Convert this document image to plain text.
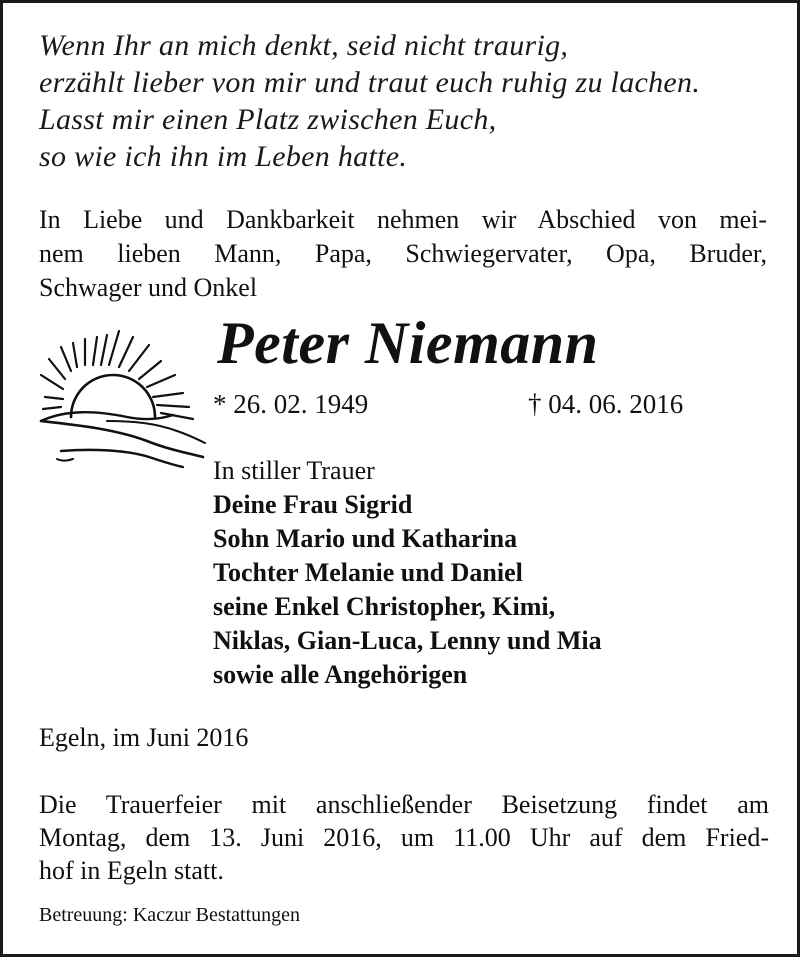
Wenn Ihr an mich denkt, seid nicht traurig,
erzählt lieber von mir und traut euch ruhig zu lachen.
Lasst mir einen Platz zwischen Euch,
so wie ich ihn im Leben hatte.
In Liebe und Dankbarkeit nehmen wir Abschied von mei-
nem lieben Mann, Papa, Schwiegervater, Opa, Bruder,
Schwager und Onkel
Peter Niemann
* 26. 02. 1949	† 04. 06. 2016
In stiller Trauer
Deine Frau Sigrid
Sohn Mario und Katharina
Tochter Melanie und Daniel
seine Enkel Christopher, Kimi,
Niklas, Gian-Luca, Lenny und Mia
sowie alle Angehörigen
Egeln, im Juni 2016
Die Trauerfeier mit anschließender Beisetzung findet am
Montag, dem 13. Juni 2016, um 11.00 Uhr auf dem Fried-
hof in Egeln statt.
Betreuung: Kaczur Bestattungen
